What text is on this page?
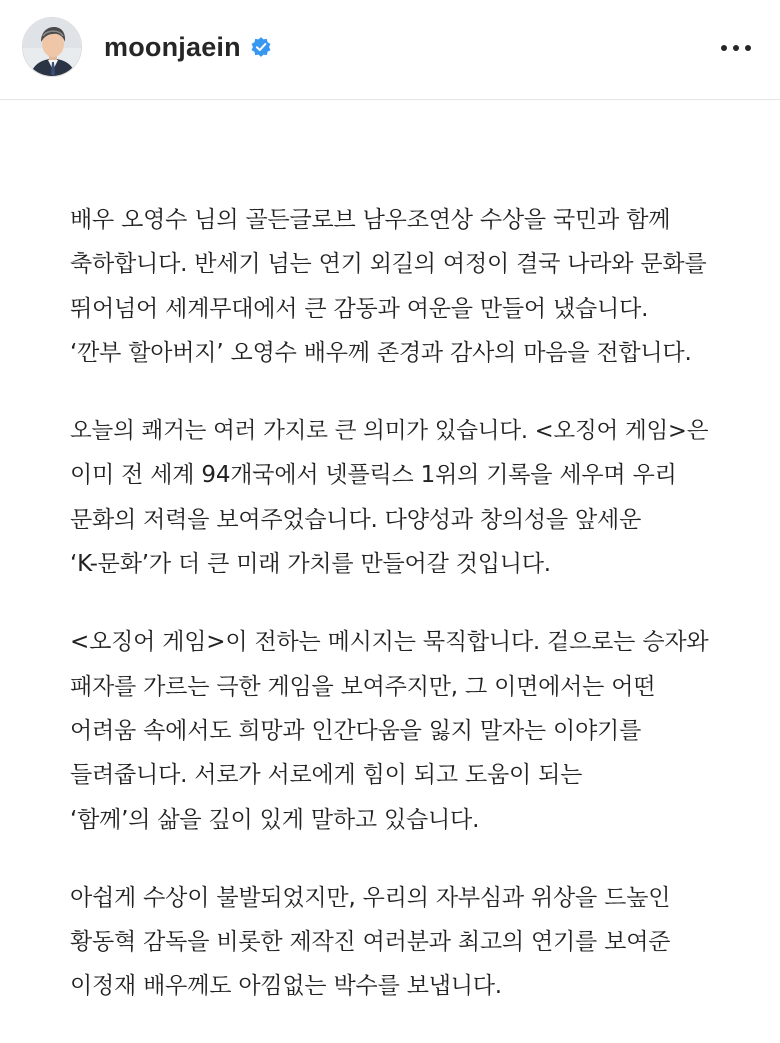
moonjaein
배우 오영수 님의 골든글로브 남우조연상 수상을 국민과 함께
축하합니다. 반세기 넘는 연기 외길의 여정이 결국 나라와 문화를
뛰어넘어 세계무대에서 큰 감동과 여운을 만들어 냈습니다.
‘깐부 할아버지’ 오영수 배우께 존경과 감사의 마음을 전합니다.
오늘의 쾌거는 여러 가지로 큰 의미가 있습니다. <오징어 게임>은
이미 전 세계 94개국에서 넷플릭스 1위의 기록을 세우며 우리
문화의 저력을 보여주었습니다. 다양성과 창의성을 앞세운
‘K-문화’가 더 큰 미래 가치를 만들어갈 것입니다.
<오징어 게임>이 전하는 메시지는 묵직합니다. 겉으로는 승자와
패자를 가르는 극한 게임을 보여주지만, 그 이면에서는 어떤
어려움 속에서도 희망과 인간다움을 잃지 말자는 이야기를
들려줍니다. 서로가 서로에게 힘이 되고 도움이 되는
‘함께’의 삶을 깊이 있게 말하고 있습니다.
아쉽게 수상이 불발되었지만, 우리의 자부심과 위상을 드높인
황동혁 감독을 비롯한 제작진 여러분과 최고의 연기를 보여준
이정재 배우께도 아낌없는 박수를 보냅니다.
